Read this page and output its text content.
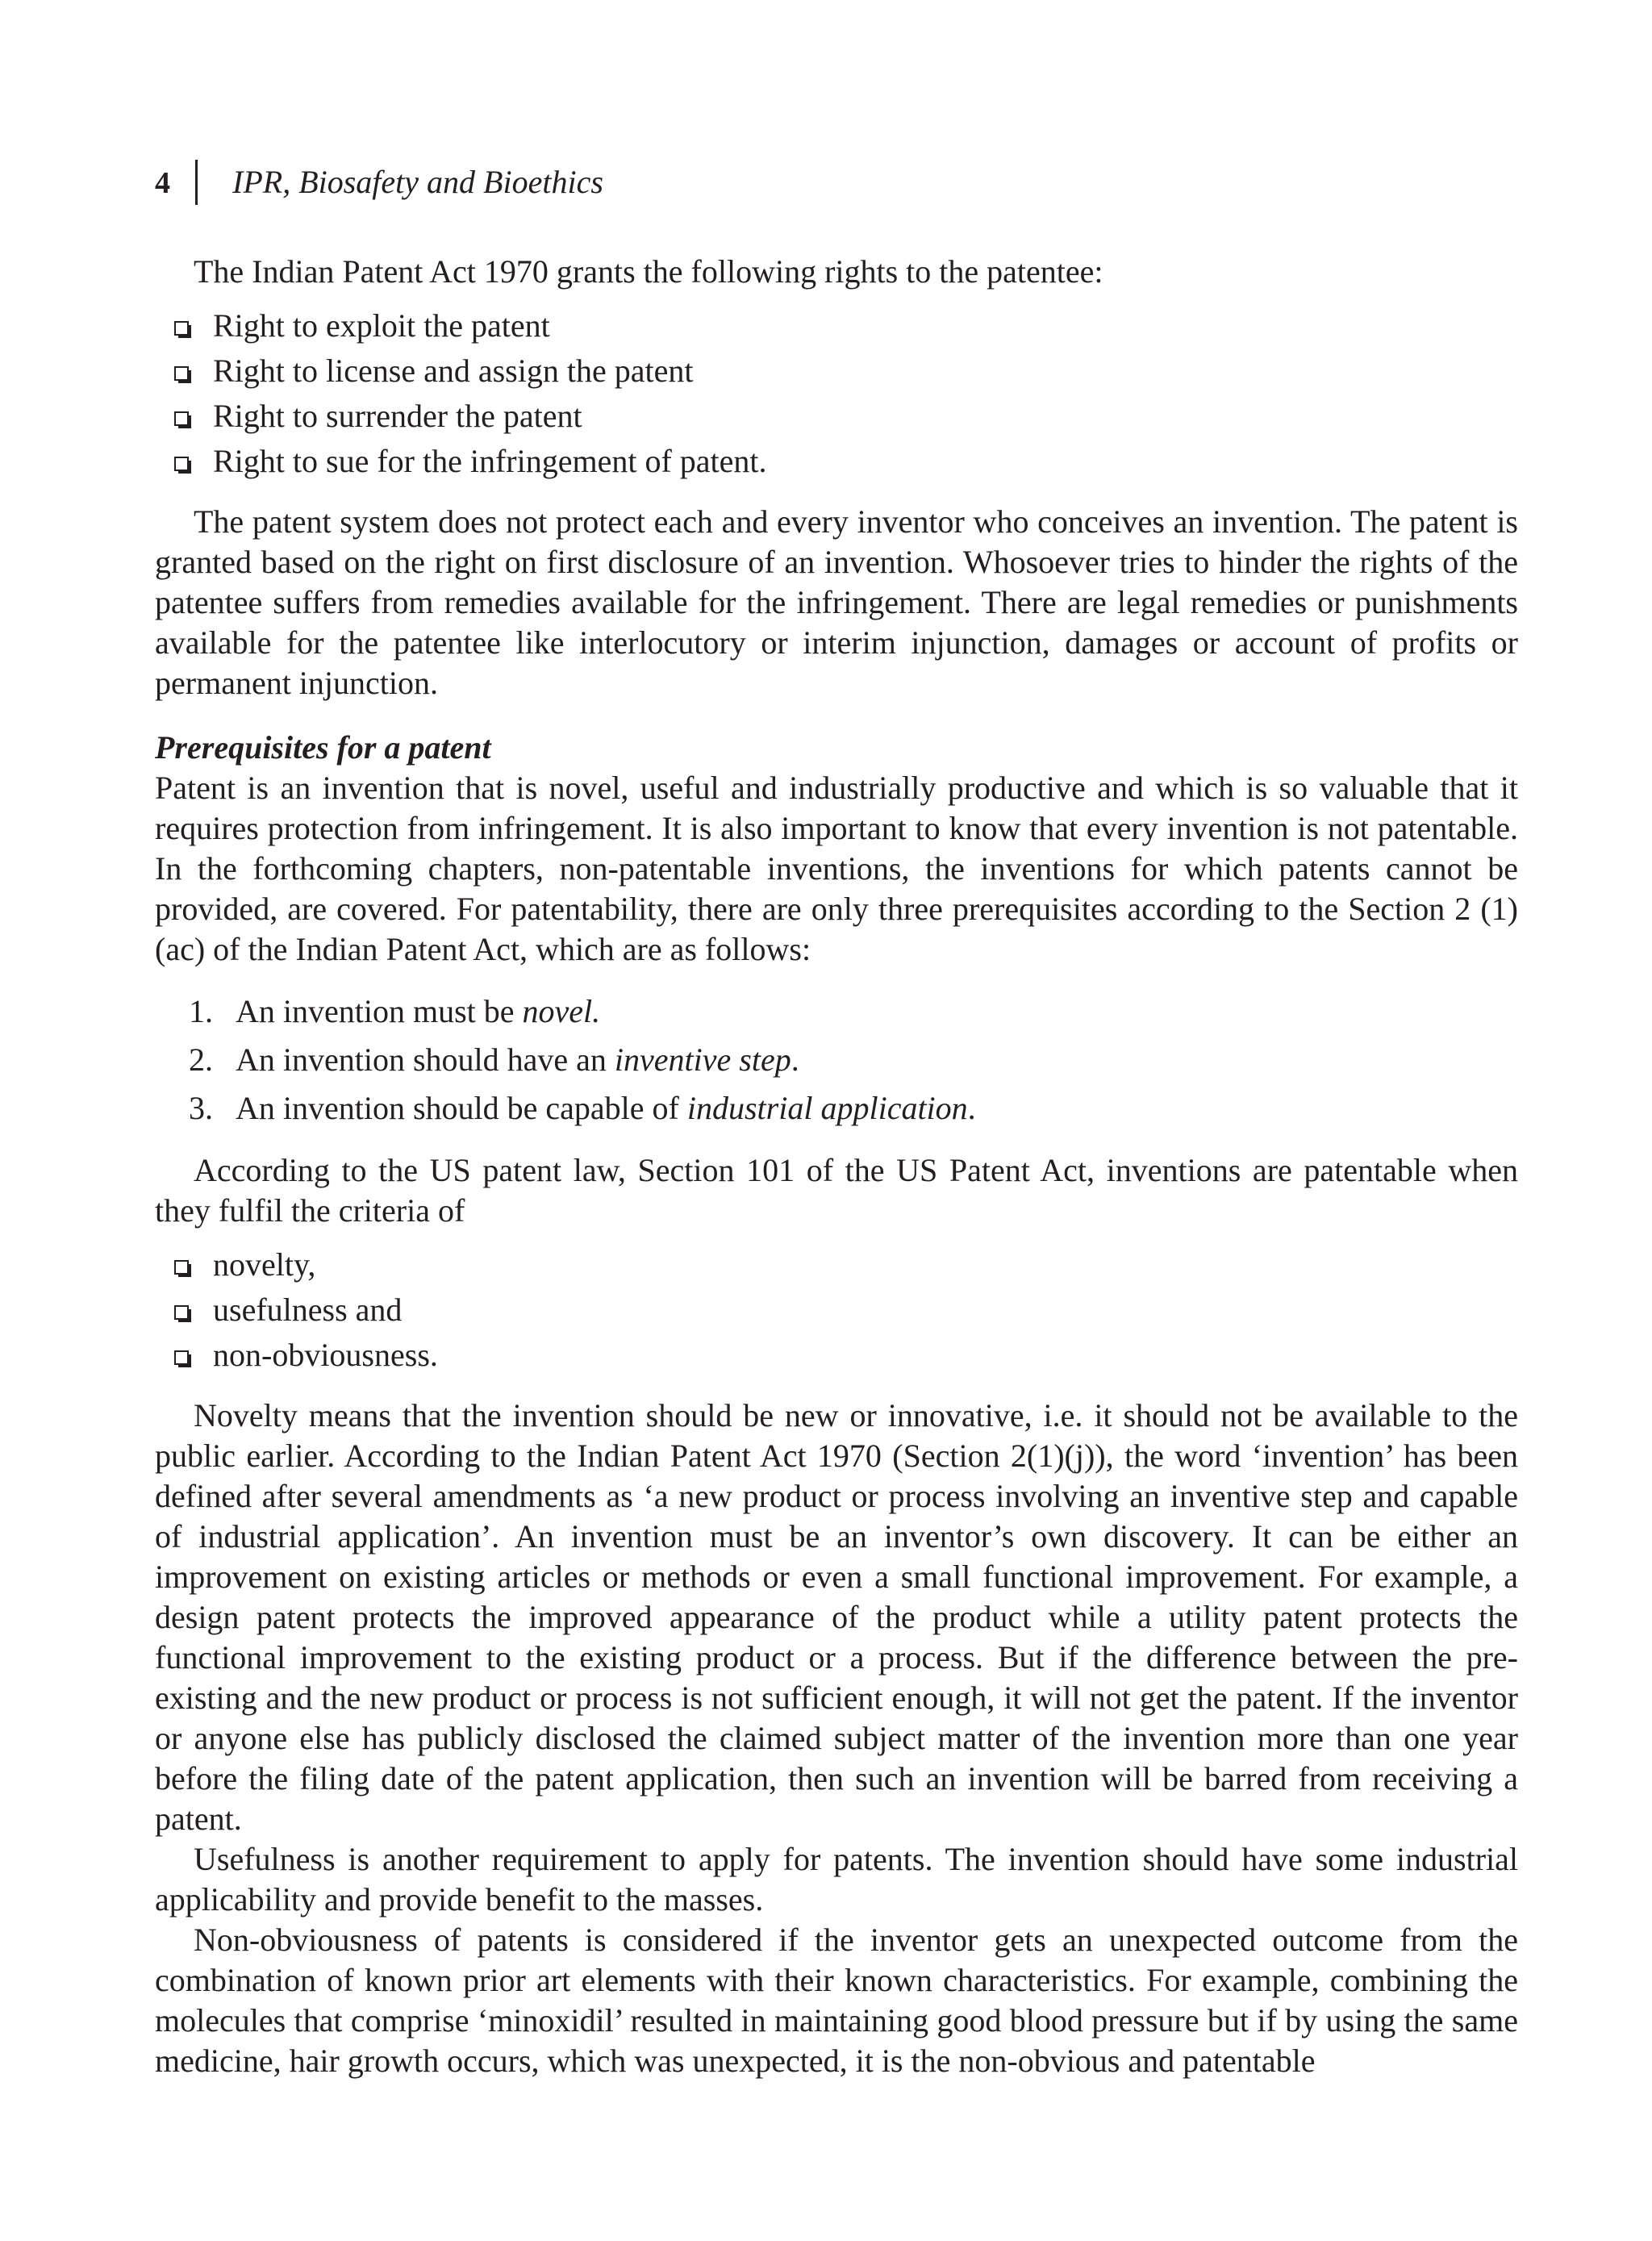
4 IPR, Biosafety and Bioethics

The Indian Patent Act 1970 grants the following rights to the patentee:

Right to exploit the patent
Right to license and assign the patent
Right to surrender the patent
Right to sue for the infringement of patent.

The patent system does not protect each and every inventor who conceives an invention. The patent is granted based on the right on first disclosure of an invention. Whosoever tries to hinder the rights of the patentee suffers from remedies available for the infringement. There are legal remedies or punishments available for the patentee like interlocutory or interim injunction, damages or account of profits or permanent injunction.

Prerequisites for a patent

Patent is an invention that is novel, useful and industrially productive and which is so valuable that it requires protection from infringement. It is also important to know that every invention is not patentable. In the forthcoming chapters, non-patentable inventions, the inventions for which patents cannot be provided, are covered. For patentability, there are only three prerequisites according to the Section 2 (1)(ac) of the Indian Patent Act, which are as follows:

1. An invention must be novel.
2. An invention should have an inventive step.
3. An invention should be capable of industrial application.

According to the US patent law, Section 101 of the US Patent Act, inventions are patentable when they fulfil the criteria of

novelty,
usefulness and
non-obviousness.

Novelty means that the invention should be new or innovative, i.e. it should not be available to the public earlier. According to the Indian Patent Act 1970 (Section 2(1)(j)), the word ‘invention’ has been defined after several amendments as ‘a new product or process involving an inventive step and capable of industrial application’. An invention must be an inventor’s own discovery. It can be either an improvement on existing articles or methods or even a small functional improvement. For example, a design patent protects the improved appearance of the product while a utility patent protects the functional improvement to the existing product or a process. But if the difference between the pre-existing and the new product or process is not sufficient enough, it will not get the patent. If the inventor or anyone else has publicly disclosed the claimed subject matter of the invention more than one year before the filing date of the patent application, then such an invention will be barred from receiving a patent.

Usefulness is another requirement to apply for patents. The invention should have some industrial applicability and provide benefit to the masses.

Non-obviousness of patents is considered if the inventor gets an unexpected outcome from the combination of known prior art elements with their known characteristics. For example, combining the molecules that comprise ‘minoxidil’ resulted in maintaining good blood pressure but if by using the same medicine, hair growth occurs, which was unexpected, it is the non-obvious and patentable
